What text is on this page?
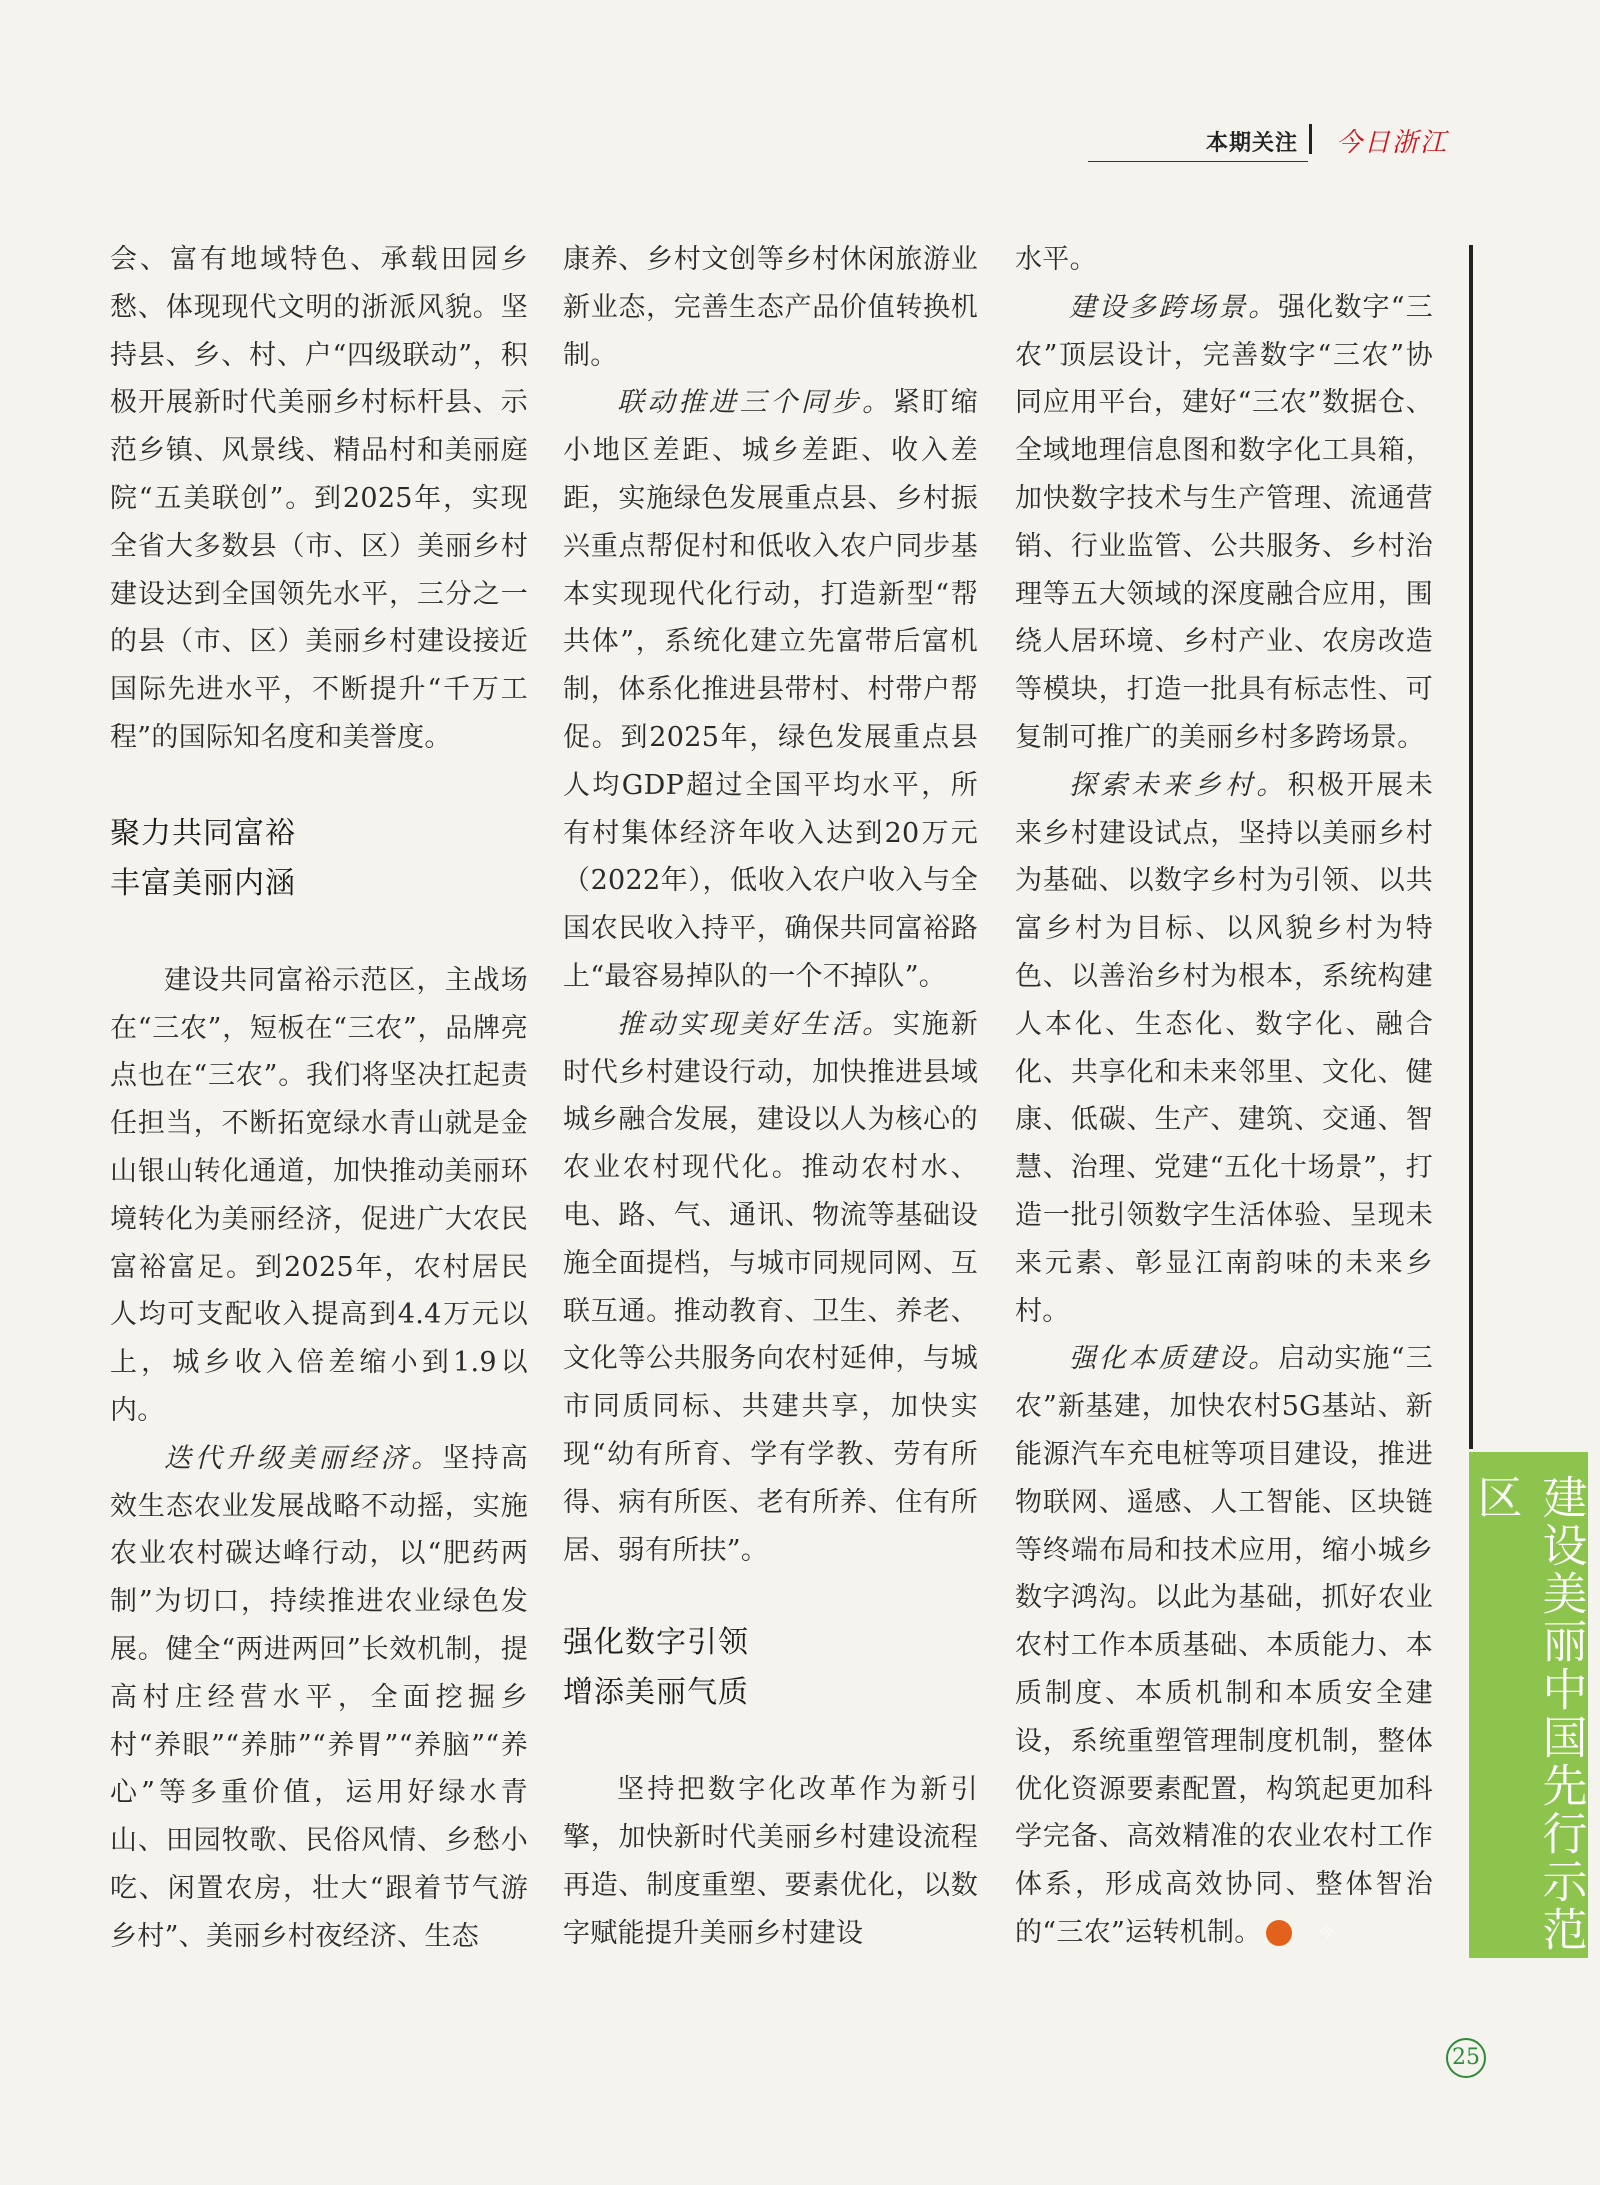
本期关注 今日浙江

会、富有地域特色、承载田园乡愁、体现现代文明的浙派风貌。坚持县、乡、村、户“四级联动”，积极开展新时代美丽乡村标杆县、示范乡镇、风景线、精品村和美丽庭院“五美联创”。到2025年，实现全省大多数县（市、区）美丽乡村建设达到全国领先水平，三分之一的县（市、区）美丽乡村建设接近国际先进水平，不断提升“千万工程”的国际知名度和美誉度。

聚力共同富裕
丰富美丽内涵

建设共同富裕示范区，主战场在“三农”，短板在“三农”，品牌亮点也在“三农”。我们将坚决扛起责任担当，不断拓宽绿水青山就是金山银山转化通道，加快推动美丽环境转化为美丽经济，促进广大农民富裕富足。到2025年，农村居民人均可支配收入提高到4.4万元以上，城乡收入倍差缩小到1.9以内。

迭代升级美丽经济。坚持高效生态农业发展战略不动摇，实施农业农村碳达峰行动，以“肥药两制”为切口，持续推进农业绿色发展。健全“两进两回”长效机制，提高村庄经营水平，全面挖掘乡村“养眼”“养肺”“养胃”“养脑”“养心”等多重价值，运用好绿水青山、田园牧歌、民俗风情、乡愁小吃、闲置农房，壮大“跟着节气游乡村”、美丽乡村夜经济、生态

康养、乡村文创等乡村休闲旅游业新业态，完善生态产品价值转换机制。

联动推进三个同步。紧盯缩小地区差距、城乡差距、收入差距，实施绿色发展重点县、乡村振兴重点帮促村和低收入农户同步基本实现现代化行动，打造新型“帮共体”，系统化建立先富带后富机制，体系化推进县带村、村带户帮促。到2025年，绿色发展重点县人均GDP超过全国平均水平，所有村集体经济年收入达到20万元（2022年），低收入农户收入与全国农民收入持平，确保共同富裕路上“最容易掉队的一个不掉队”。

推动实现美好生活。实施新时代乡村建设行动，加快推进县域城乡融合发展，建设以人为核心的农业农村现代化。推动农村水、电、路、气、通讯、物流等基础设施全面提档，与城市同规同网、互联互通。推动教育、卫生、养老、文化等公共服务向农村延伸，与城市同质同标、共建共享，加快实现“幼有所育、学有学教、劳有所得、病有所医、老有所养、住有所居、弱有所扶”。

强化数字引领
增添美丽气质

坚持把数字化改革作为新引擎，加快新时代美丽乡村建设流程再造、制度重塑、要素优化，以数字赋能提升美丽乡村建设

水平。

建设多跨场景。强化数字“三农”顶层设计，完善数字“三农”协同应用平台，建好“三农”数据仓、全域地理信息图和数字化工具箱，加快数字技术与生产管理、流通营销、行业监管、公共服务、乡村治理等五大领域的深度融合应用，围绕人居环境、乡村产业、农房改造等模块，打造一批具有标志性、可复制可推广的美丽乡村多跨场景。

探索未来乡村。积极开展未来乡村建设试点，坚持以美丽乡村为基础、以数字乡村为引领、以共富乡村为目标、以风貌乡村为特色、以善治乡村为根本，系统构建人本化、生态化、数字化、融合化、共享化和未来邻里、文化、健康、低碳、生产、建筑、交通、智慧、治理、党建“五化十场景”，打造一批引领数字生活体验、呈现未来元素、彰显江南韵味的未来乡村。

强化本质建设。启动实施“三农”新基建，加快农村5G基站、新能源汽车充电桩等项目建设，推进物联网、遥感、人工智能、区块链等终端布局和技术应用，缩小城乡数字鸿沟。以此为基础，抓好农业农村工作本质基础、本质能力、本质制度、本质机制和本质安全建设，系统重塑管理制度机制，整体优化资源要素配置，构筑起更加科学完备、高效精准的农业农村工作体系，形成高效协同、整体智治的“三农”运转机制。	今	建设美丽中国先行示范区
25
